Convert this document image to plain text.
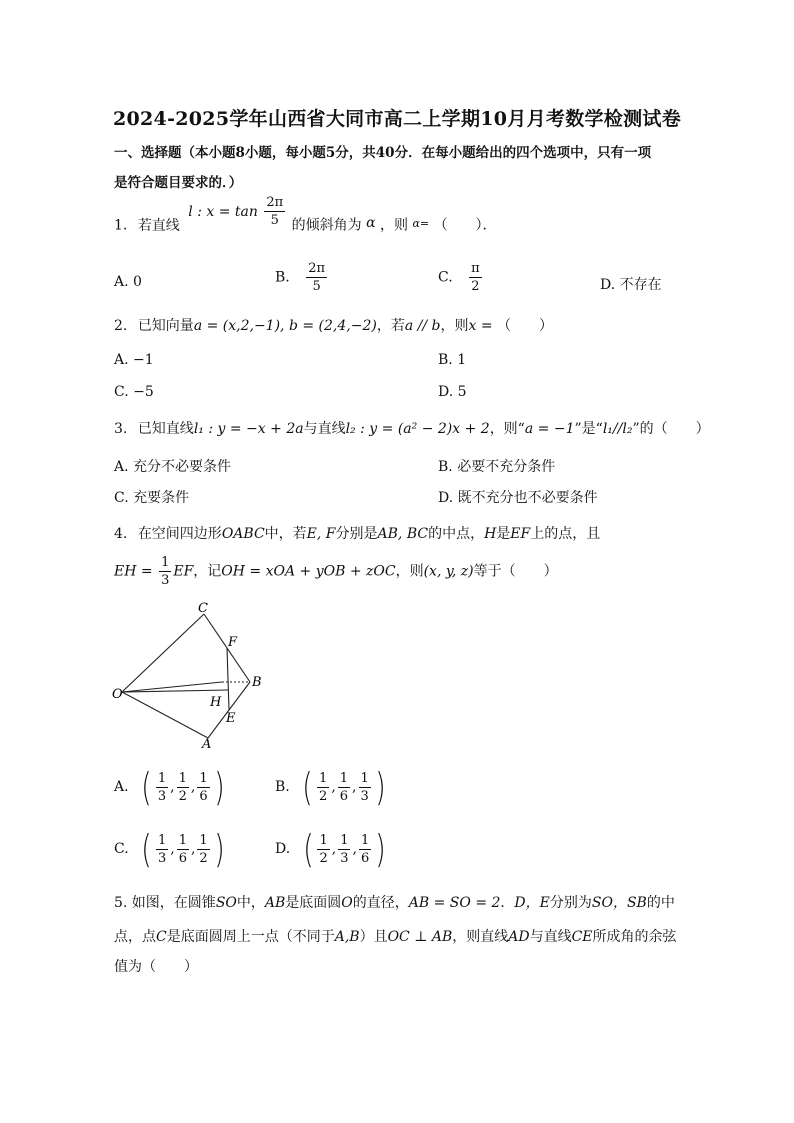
2024-2025学年山西省大同市高二上学期10月月考数学检测试卷
一、选择题（本小题8小题，每小题5分，共40分．在每小题给出的四个选项中，只有一项
是符合题目要求的．）
1. 若直线 l : $x = \tan \frac{2\pi}{5}$ 的倾斜角为 α ，则 $^{\alpha=}$ （　　）．
A. 0	B. $\frac{2\pi}{5}$	C. $\frac{\pi}{2}$	D. 不存在
2. 已知向量a = (x,2,−1), b = (2,4,−2)，若a // b，则x = （　　）
A. −1	B. 1
C. −5	D. 5
3. 已知直线l₁ : y = −x + 2a与直线l₂ : y = (a² − 2)x + 2，则“a = −1”是“l₁//l₂”的（　　）
A. 充分不必要条件	B. 必要不充分条件
C. 充要条件	D. 既不充分也不必要条件
4. 在空间四边形OABC中，若E, F分别是AB, BC的中点，H是EF上的点，且
EH = $\frac{1}{3}$ EF，记OH = xOA + yOB + zOC，则(x, y, z)等于（　　）
C
F
B
O
H
E
A
A. ( $\frac{1}{3}$ , $\frac{1}{2}$ , $\frac{1}{6}$ )	B. ( $\frac{1}{2}$ , $\frac{1}{6}$ , $\frac{1}{3}$ )
C. ( $\frac{1}{3}$ , $\frac{1}{6}$ , $\frac{1}{2}$ )	D. ( $\frac{1}{2}$ , $\frac{1}{3}$ , $\frac{1}{6}$ )
5. 如图，在圆锥SO中，AB是底面圆O的直径，AB = SO = 2．D，E分别为SO，SB的中
点，点C是底面圆周上一点（不同于A,B）且OC ⊥ AB，则直线AD与直线CE所成角的余弦
值为（　　）
